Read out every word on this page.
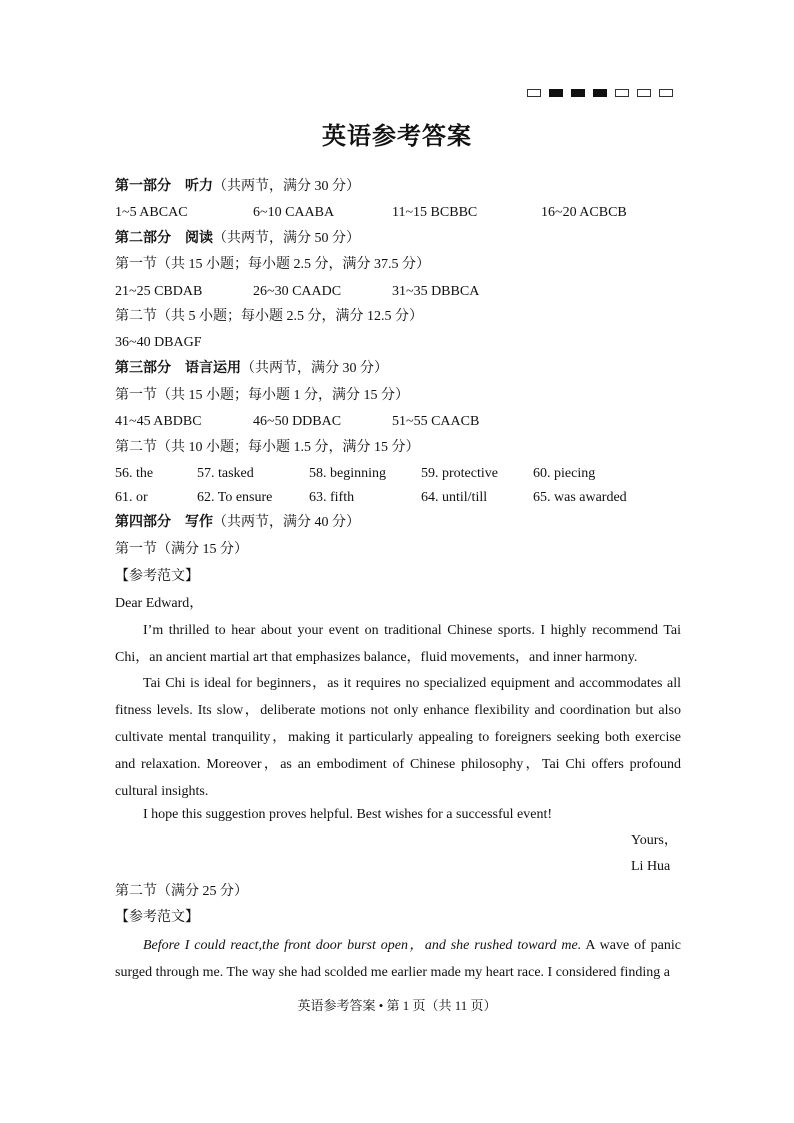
英语参考答案
第一部分 听力（共两节，满分 30 分）
1~5 ABCAC	6~10 CAABA	11~15 BCBBC	16~20 ACBCB
第二部分 阅读（共两节，满分 50 分）
第一节（共 15 小题；每小题 2.5 分，满分 37.5 分）
21~25 CBDAB	26~30 CAADC	31~35 DBBCA
第二节（共 5 小题；每小题 2.5 分，满分 12.5 分）
36~40 DBAGF
第三部分 语言运用（共两节，满分 30 分）
第一节（共 15 小题；每小题 1 分，满分 15 分）
41~45 ABDBC	46~50 DDBAC	51~55 CAACB
第二节（共 10 小题；每小题 1.5 分，满分 15 分）
56. the	57. tasked	58. beginning	59. protective	60. piecing
61. or	62. To ensure	63. fifth	64. until/till	65. was awarded
第四部分 写作（共两节，满分 40 分）
第一节（满分 15 分）
【参考范文】
Dear Edward，
I’m thrilled to hear about your event on traditional Chinese sports. I highly recommend Tai Chi，an ancient martial art that emphasizes balance，fluid movements，and inner harmony.
Tai Chi is ideal for beginners，as it requires no specialized equipment and accommodates all fitness levels. Its slow，deliberate motions not only enhance flexibility and coordination but also cultivate mental tranquility，making it particularly appealing to foreigners seeking both exercise and relaxation. Moreover，as an embodiment of Chinese philosophy，Tai Chi offers profound cultural insights.
I hope this suggestion proves helpful. Best wishes for a successful event!
Yours，
Li Hua
第二节（满分 25 分）
【参考范文】
Before I could react,the front door burst open，and she rushed toward me. A wave of panic surged through me. The way she had scolded me earlier made my heart race. I considered finding a
英语参考答案 • 第 1 页（共 11 页）
